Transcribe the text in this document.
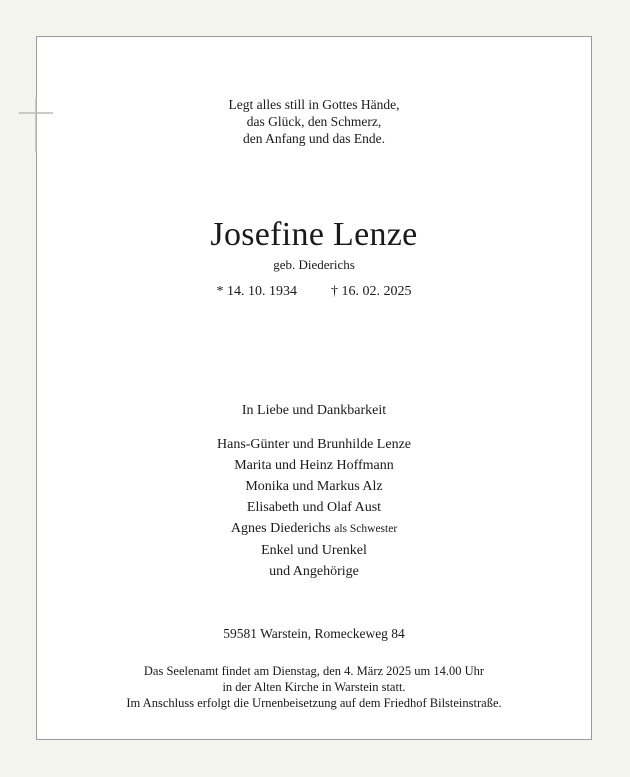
Legt alles still in Gottes Hände,
das Glück, den Schmerz,
den Anfang und das Ende.
Josefine Lenze
geb. Diederichs
* 14. 10. 1934 † 16. 02. 2025
In Liebe und Dankbarkeit
Hans-Günter und Brunhilde Lenze
Marita und Heinz Hoffmann
Monika und Markus Alz
Elisabeth und Olaf Aust
Agnes Diederichs als Schwester
Enkel und Urenkel
und Angehörige
59581 Warstein, Romeckeweg 84
Das Seelenamt findet am Dienstag, den 4. März 2025 um 14.00 Uhr
in der Alten Kirche in Warstein statt.
Im Anschluss erfolgt die Urnenbeisetzung auf dem Friedhof Bilsteinstraße.
